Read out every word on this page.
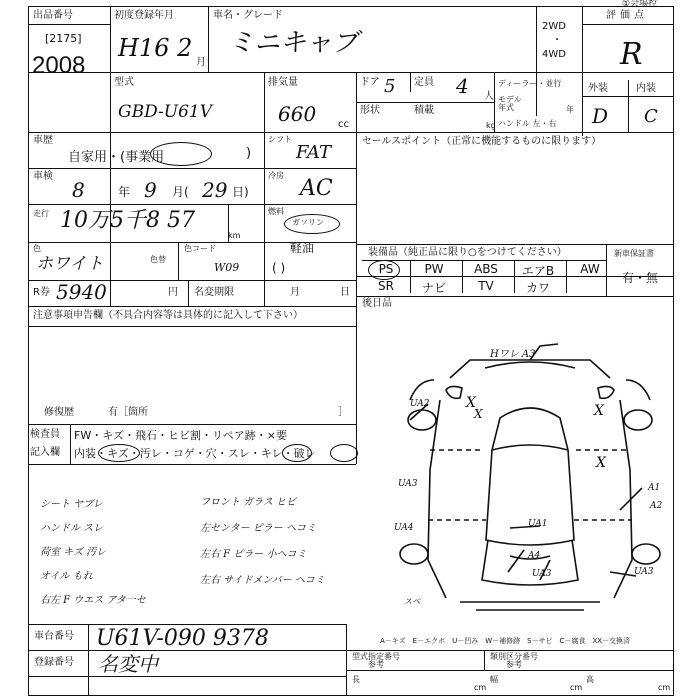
①会場控
出品番号
[2175]
2008
初度登録年月
H16 2
月
車名・グレード
ミニキャブ
2WD
・
4WD
評価点
R
型式
GBD-U61V
排気量
660 cc
ドア 5 定員 4 人
形状	積載
kg
ディーラー・並行
モデル年式	年
ハンドル 左・右
外装	内装
D C
車歴
自家用・(事業用	)
シフト
FAT
セールスポイント（正常に機能するものに限ります）
車検
8	年 9 月( 29 日)
冷房
AC
走行 10万5千8 57
km
燃料
ガソリン
軽油
( )
色
ホワイト	色替
色コード
W09
装備品（純正品に限り○をつけてください）	新車保証書
有・無
PS	PW	ABS	エアB	AW
SR	ナビ	TV	カワ
R券 5940	円 名変期限	月	日
後日品
注意事項申告欄（不具合内容等は具体的に記入して下さい）
修復歴	有［箇所	］
検査員
記入欄
FW・キズ・飛石・ヒビ割・リペア跡・×要
内装・キズ・汚レ・コゲ・穴・スレ・キレ・破レ
シート ヤブレ
ハンドル スレ
荷室 キズ 汚レ
オイル もれ
右左 F ウエス アタ一セ
フロント ガラス ヒビ
左センター ピラー ヘコミ
左右 F ピラー 小ヘコミ
左右 サイドメンバー ヘコミ
Hワレ A3
UA2	X	X
X
X
UA3
UA4	UA1
A4
UA3
A1
A2
UA3
スベ
A－キズ　E－エクボ　U－凹み　W－補修跡　S－サビ　C－腐食　XX－交換済
車台番号 U61V-090 9378
登録番号 名変中	型式指定番号
参考
類別区分番号
参考
長
cm
幅
cm
高
cm
